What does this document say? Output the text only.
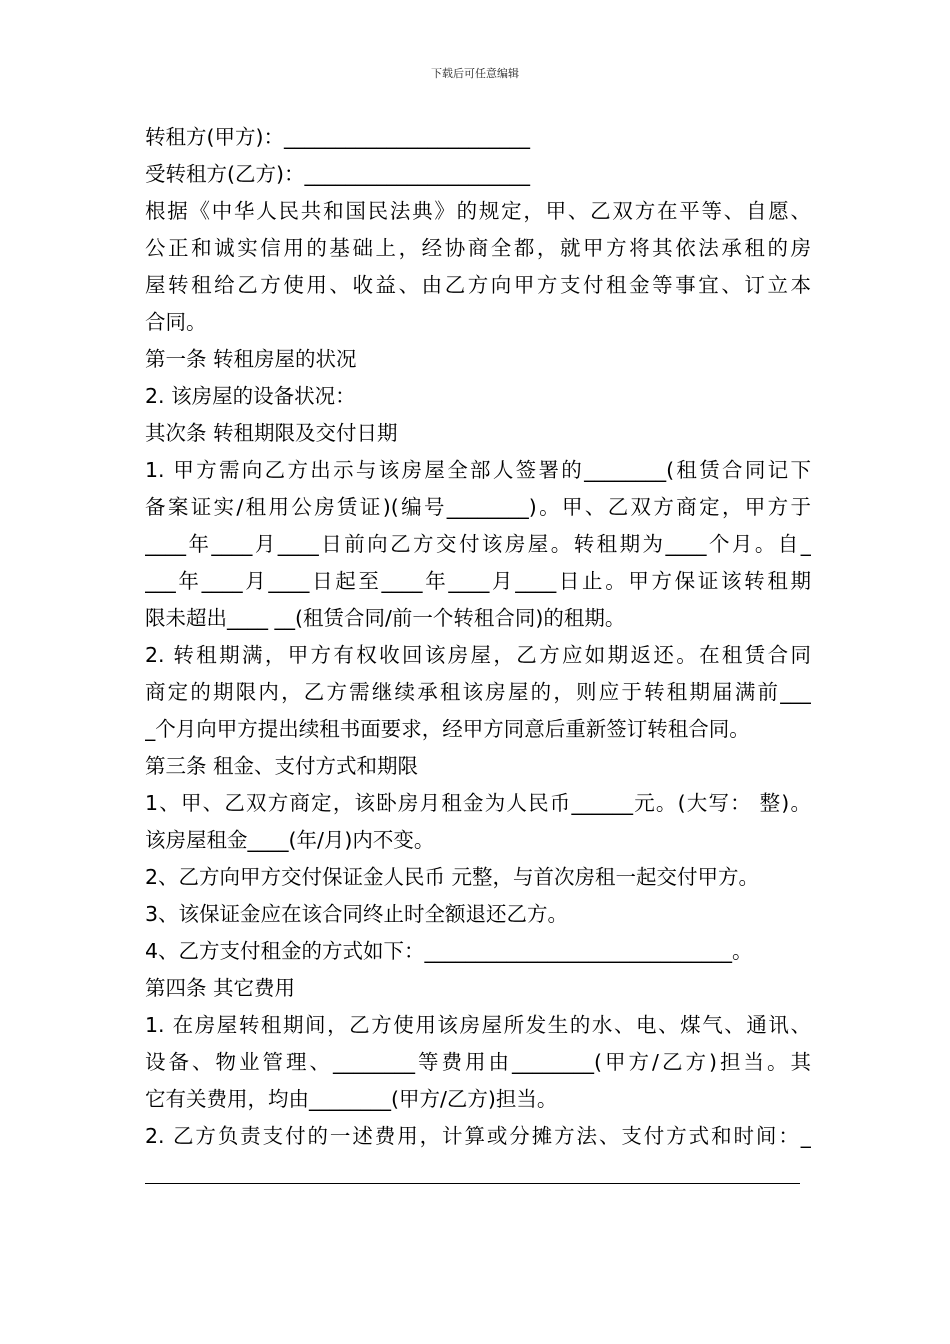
下载后可任意编辑
转租方(甲方)：________________________
受转租方(乙方)：______________________
根据《中华人民共和国民法典》的规定，甲、乙双方在平等、自愿、
公正和诚实信用的基础上，经协商全都，就甲方将其依法承租的房
屋转租给乙方使用、收益、由乙方向甲方支付租金等事宜、订立本
合同。
第一条 转租房屋的状况
2. 该房屋的设备状况：
其次条 转租期限及交付日期
1. 甲方需向乙方出示与该房屋全部人签署的________(租赁合同记下
备案证实/租用公房赁证)(编号________)。甲、乙双方商定，甲方于
____年____月____日前向乙方交付该房屋。转租期为____个月。自_
___年____月____日起至____年____月____日止。甲方保证该转租期
限未超出____ __(租赁合同/前一个转租合同)的租期。
2. 转租期满，甲方有权收回该房屋，乙方应如期返还。在租赁合同
商定的期限内，乙方需继续承租该房屋的，则应于转租期届满前___
_个月向甲方提出续租书面要求，经甲方同意后重新签订转租合同。
第三条 租金、支付方式和期限
1、甲、乙双方商定，该卧房月租金为人民币______元。(大写： 整)。
该房屋租金____(年/月)内不变。
2、乙方向甲方交付保证金人民币 元整，与首次房租一起交付甲方。
3、该保证金应在该合同终止时全额退还乙方。
4、乙方支付租金的方式如下：______________________________。
第四条 其它费用
1. 在房屋转租期间，乙方使用该房屋所发生的水、电、煤气、通讯、
设备、物业管理、________等费用由________(甲方/乙方)担当。其
它有关费用，均由________(甲方/乙方)担当。
2. 乙方负责支付的一述费用，计算或分摊方法、支付方式和时间：_
